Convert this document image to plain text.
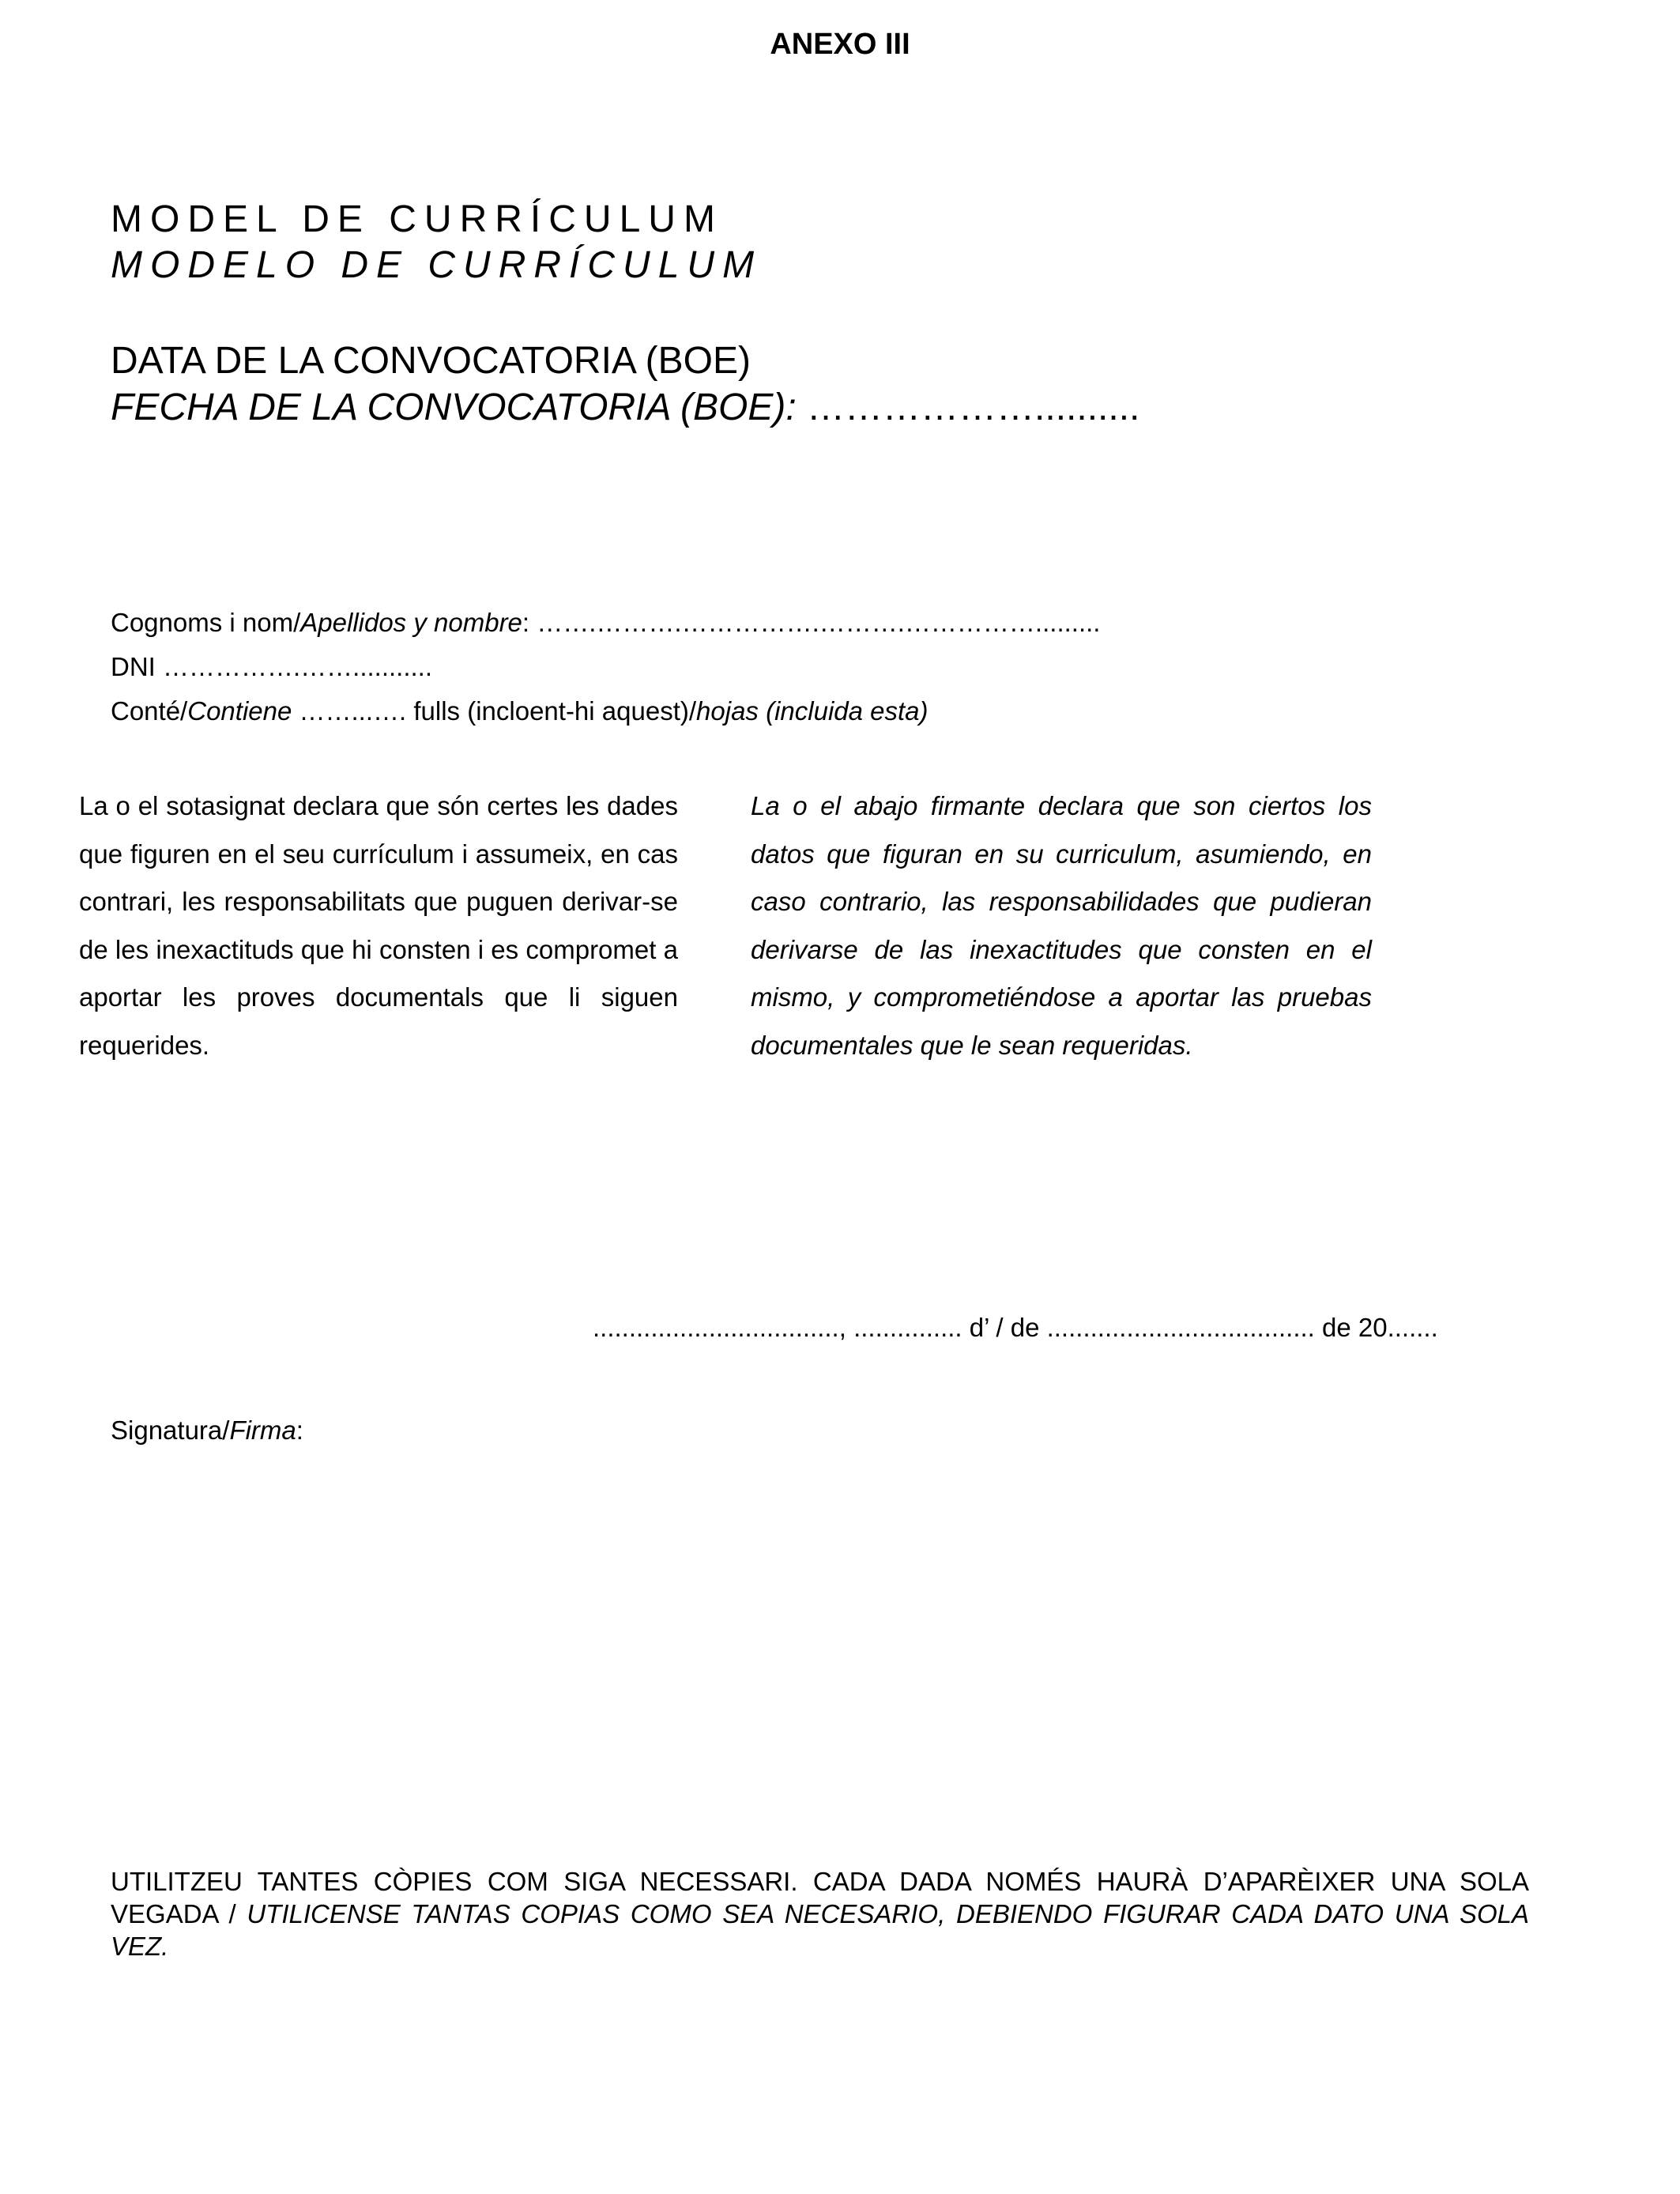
ANEXO III
MODEL DE CURRÍCULUM
MODELO DE CURRÍCULUM
DATA DE LA CONVOCATORIA (BOE)
FECHA DE LA CONVOCATORIA (BOE): ………………..........
Cognoms i nom/Apellidos y nombre: …….……….…………….……….…………….........
DNI …………….……...........
Conté/Contiene ……...…. fulls (incloent-hi aquest)/hojas (incluida esta)
La o el sotasignat declara que són certes les dades que figuren en el seu currículum i assumeix, en cas contrari, les responsabilitats que puguen derivar-se de les inexactituds que hi consten i es compromet a aportar les proves documentals que li siguen requerides.
La o el abajo firmante declara que son ciertos los datos que figuran en su curriculum, asumiendo, en caso contrario, las responsabilidades que pudieran derivarse de las inexactitudes que consten en el mismo, y comprometiéndose a aportar las pruebas documentales que le sean requeridas.
.................................., ............... d’ / de ..................................... de 20.......
Signatura/Firma:
UTILITZEU TANTES CÒPIES COM SIGA NECESSARI. CADA DADA NOMÉS HAURÀ D’APARÈIXER UNA SOLA VEGADA / UTILICENSE TANTAS COPIAS COMO SEA NECESARIO, DEBIENDO FIGURAR CADA DATO UNA SOLA VEZ.
